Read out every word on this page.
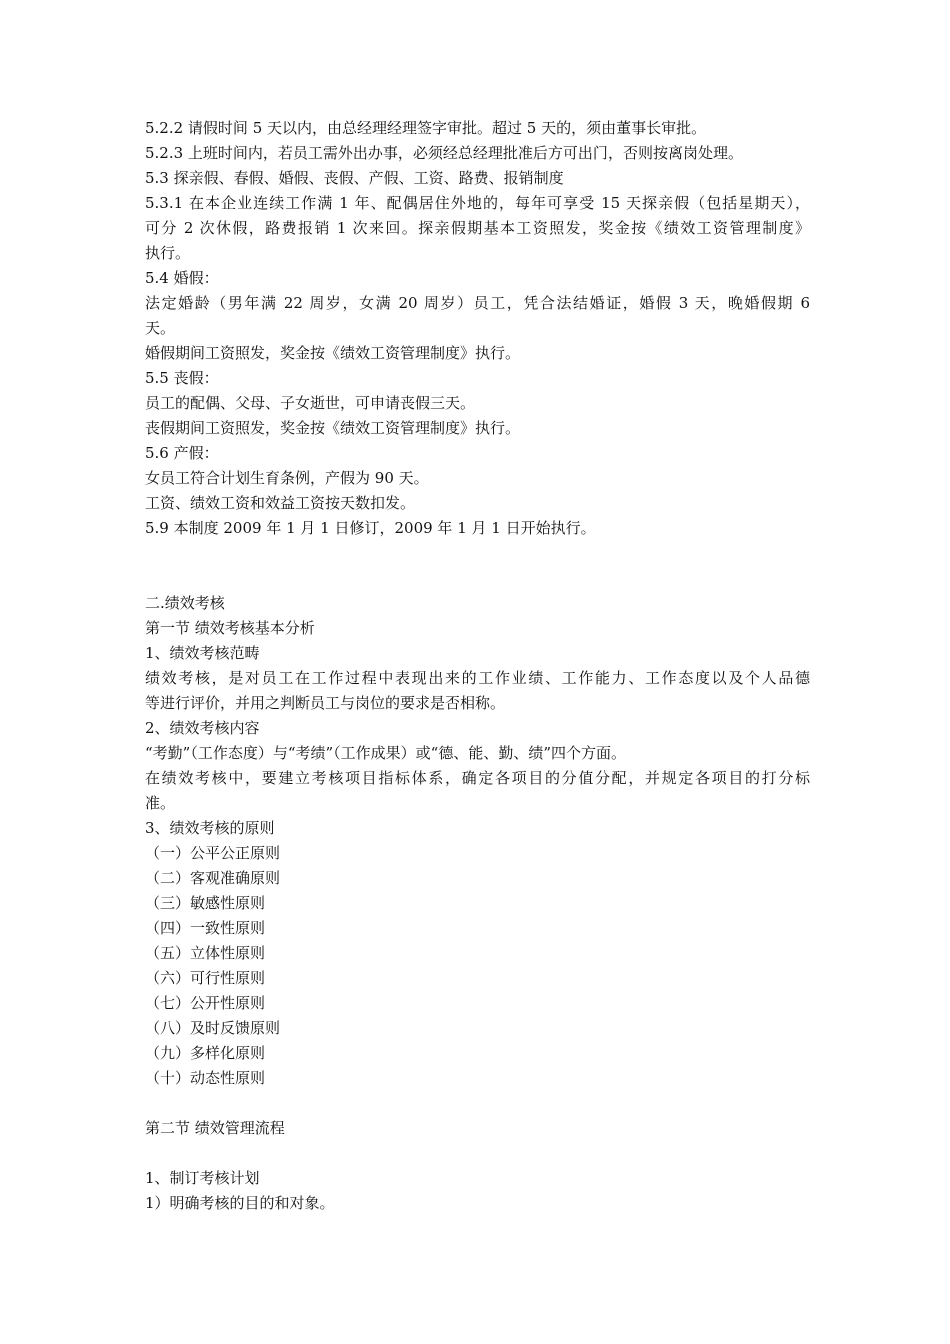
5.2.2 请假时间 5 天以内，由总经理经理签字审批。超过 5 天的，须由董事长审批。
5.2.3 上班时间内，若员工需外出办事，必须经总经理批准后方可出门，否则按离岗处理。
5.3 探亲假、春假、婚假、丧假、产假、工资、路费、报销制度
5.3.1 在本企业连续工作满 1 年、配偶居住外地的，每年可享受 15 天探亲假（包括星期天），
可分 2 次休假，路费报销 1 次来回。探亲假期基本工资照发，奖金按《绩效工资管理制度》
执行。
5.4 婚假：
法定婚龄（男年满 22 周岁，女满 20 周岁）员工，凭合法结婚证，婚假 3 天，晚婚假期 6
天。
婚假期间工资照发，奖金按《绩效工资管理制度》执行。
5.5 丧假：
员工的配偶、父母、子女逝世，可申请丧假三天。
丧假期间工资照发，奖金按《绩效工资管理制度》执行。
5.6 产假：
女员工符合计划生育条例，产假为 90 天。
工资、绩效工资和效益工资按天数扣发。
5.9 本制度 2009 年 1 月 1 日修订，2009 年 1 月 1 日开始执行。
二.绩效考核
第一节 绩效考核基本分析
1、绩效考核范畴
绩效考核，是对员工在工作过程中表现出来的工作业绩、工作能力、工作态度以及个人品德
等进行评价，并用之判断员工与岗位的要求是否相称。
2、绩效考核内容
“考勤”（工作态度）与“考绩”（工作成果）或“德、能、勤、绩”四个方面。
在绩效考核中，要建立考核项目指标体系，确定各项目的分值分配，并规定各项目的打分标
准。
3、绩效考核的原则
（一）公平公正原则
（二）客观准确原则
（三）敏感性原则
（四）一致性原则
（五）立体性原则
（六）可行性原则
（七）公开性原则
（八）及时反馈原则
（九）多样化原则
（十）动态性原则
第二节 绩效管理流程
1、制订考核计划
1）明确考核的目的和对象。
